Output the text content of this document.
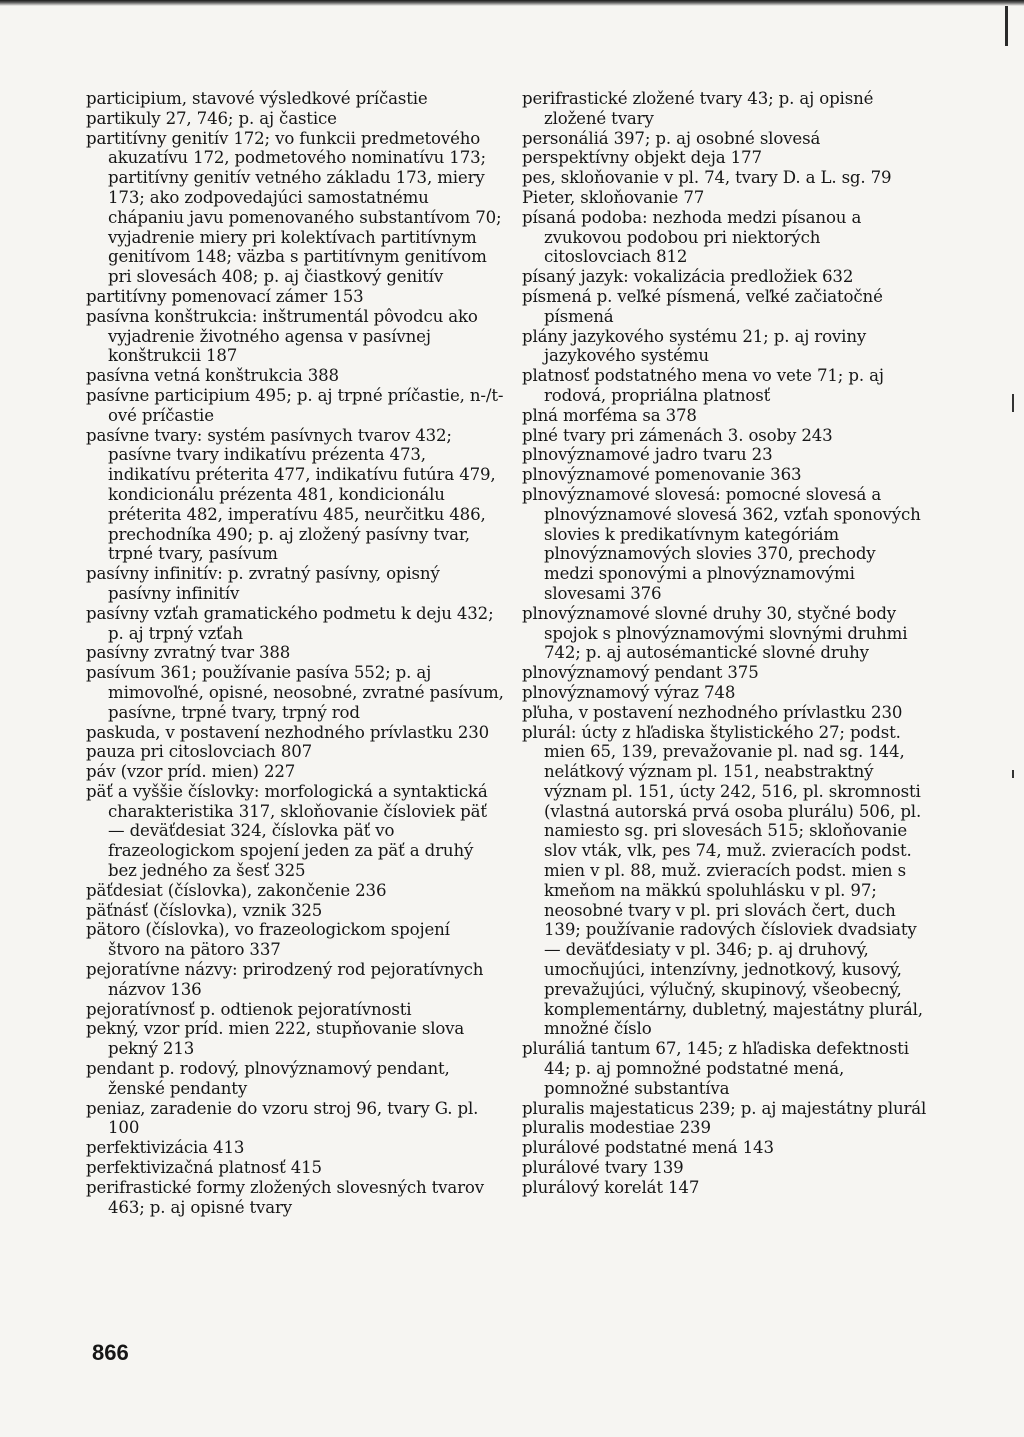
participium, stavové výsledkové príčastie

partikuly 27, 746; p. aj častice

partitívny genitív 172; vo funkcii predmetového akuzatívu 172, podmetového nominatívu 173; partitívny genitív vetného základu 173, miery 173; ako zodpovedajúci samostatnému chápaniu javu pomenovaného substantívom 70; vyjadrenie miery pri kolektívach partitívnym genitívom 148; väzba s partitívnym genitívom pri slovesách 408; p. aj čiastkový genitív

partitívny pomenovací zámer 153

pasívna konštrukcia: inštrumentál pôvodcu ako vyjadrenie životného agensa v pasívnej konštrukcii 187

pasívna vetná konštrukcia 388

pasívne participium 495; p. aj trpné príčastie, n-/t-ové príčastie

pasívne tvary: systém pasívnych tvarov 432; pasívne tvary indikatívu prézenta 473, indikatívu préterita 477, indikatívu futúra 479, kondicionálu prézenta 481, kondicionálu préterita 482, imperatívu 485, neurčitku 486, prechodníka 490; p. aj zložený pasívny tvar, trpné tvary, pasívum

pasívny infinitív: p. zvratný pasívny, opisný pasívny infinitív

pasívny vzťah gramatického podmetu k deju 432; p. aj trpný vzťah

pasívny zvratný tvar 388

pasívum 361; používanie pasíva 552; p. aj mimovoľné, opisné, neosobné, zvratné pasívum, pasívne, trpné tvary, trpný rod

paskuda, v postavení nezhodného prívlastku 230

pauza pri citoslovciach 807

páv (vzor príd. mien) 227

päť a vyššie číslovky: morfologická a syntaktická charakteristika 317, skloňovanie čísloviek päť — deväťdesiat 324, číslovka päť vo frazeologickom spojení jeden za päť a druhý bez jedného za šesť 325

päťdesiat (číslovka), zakončenie 236

päťnásť (číslovka), vznik 325

pätoro (číslovka), vo frazeologickom spojení štvoro na pätoro 337

pejoratívne názvy: prirodzený rod pejoratívnych názvov 136

pejoratívnosť p. odtienok pejoratívnosti

pekný, vzor príd. mien 222, stupňovanie slova pekný 213

pendant p. rodový, plnovýznamový pendant, ženské pendanty

peniaz, zaradenie do vzoru stroj 96, tvary G. pl. 100

perfektivizácia 413

perfektivizačná platnosť 415

perifrastické formy zložených slovesných tvarov 463; p. aj opisné tvary

perifrastické zložené tvary 43; p. aj opisné zložené tvary

personáliá 397; p. aj osobné slovesá

perspektívny objekt deja 177

pes, skloňovanie v pl. 74, tvary D. a L. sg. 79

Pieter, skloňovanie 77

písaná podoba: nezhoda medzi písanou a zvukovou podobou pri niektorých citoslovciach 812

písaný jazyk: vokalizácia predložiek 632

písmená p. veľké písmená, veľké začiatočné písmená

plány jazykového systému 21; p. aj roviny jazykového systému

platnosť podstatného mena vo vete 71; p. aj rodová, propriálna platnosť

plná morféma sa 378

plné tvary pri zámenách 3. osoby 243

plnovýznamové jadro tvaru 23

plnovýznamové pomenovanie 363

plnovýznamové slovesá: pomocné slovesá a plnovýznamové slovesá 362, vzťah sponových slovies k predikatívnym kategóriám plnovýznamových slovies 370, prechody medzi sponovými a plnovýznamovými slovesami 376

plnovýznamové slovné druhy 30, styčné body spojok s plnovýznamovými slovnými druhmi 742; p. aj autosémantické slovné druhy

plnovýznamový pendant 375

plnovýznamový výraz 748

pľuha, v postavení nezhodného prívlastku 230

plurál: úcty z hľadiska štylistického 27; podst. mien 65, 139, prevažovanie pl. nad sg. 144, nelátkový význam pl. 151, neabstraktný význam pl. 151, úcty 242, 516, pl. skromnosti (vlastná autorská prvá osoba plurálu) 506, pl. namiesto sg. pri slovesách 515; skloňovanie slov vták, vlk, pes 74, muž. zvieracích podst. mien v pl. 88, muž. zvieracích podst. mien s kmeňom na mäkkú spoluhlásku v pl. 97; neosobné tvary v pl. pri slovách čert, duch 139; používanie radových čísloviek dvadsiaty — deväťdesiaty v pl. 346; p. aj druhový, umocňujúci, intenzívny, jednotkový, kusový, prevažujúci, výlučný, skupinový, všeobecný, komplementárny, dubletný, majestátny plurál, množné číslo

pluráliá tantum 67, 145; z hľadiska defektnosti 44; p. aj pomnožné podstatné mená, pomnožné substantíva

pluralis majestaticus 239; p. aj majestátny plurál

pluralis modestiae 239

plurálové podstatné mená 143

plurálové tvary 139

plurálový korelát 147

866
